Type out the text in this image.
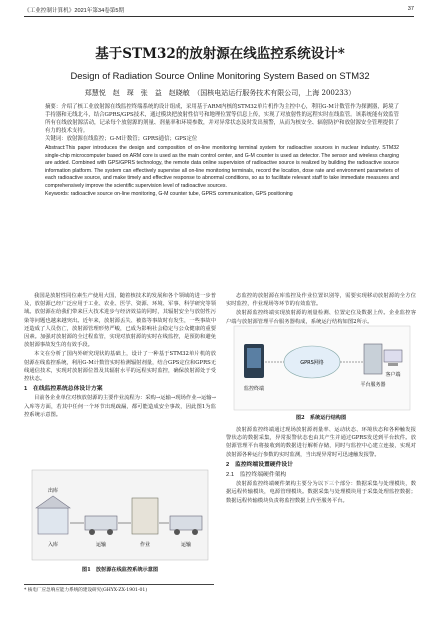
《工业控制计算机》2021年第34卷第5期	37
基于STM32的放射源在线监控系统设计*
Design of Radiation Source Online Monitoring System Based on STM32
郑慧悦　赵　琛　张　益　赵晓敏　（国核电站运行服务技术有限公司，上海 200233）
摘要：介绍了核工业放射源在线监控终端系统的设计组成，采用基于ARM内核的STM32单片机作为主控中心，利用G-M计数管作为探测器，跨境了手持器和无线北斗，结合GPRS/GPS技术，通过模块把放射性信号和地理位置等信息上传，实现了对放射性的远程实时在线监管。该系统能有效监管所有在线放射源活动，记录每个放射源的剂量、剂量率和环境参数，并对异常状态及时发出预警，从而为核安全、辐射防护和放射源安全管理提供了有力的技术支持。
关键词：放射源在线监控；G-M计数管；GPRS通信；GPS定位
Abstract:This paper introduces the design and composition of on-line monitoring terminal system for radioactive sources in nuclear industry. STM32 single-chip microcomputer based on ARM core is used as the main control center, and G-M counter is used as detector. The sensor and wireless charging are added. Combined with GPS/GPRS technology, the remote data online supervision of radioactive source is realized by building the radioactive source information platform. The system can effectively supervise all on-line monitoring terminals, record the location, dose rate and environment parameters of each radioactive source, and make timely and effective response to abnormal conditions, so as to facilitate relevant staff to take immediate measures and comprehensively improve the scientific supervision level of radioactive sources.
Keywords: radioactive source on-line monitoring, G-M counter tube, GPRS communication, GPS positioning

我国是放射性同位素生产使用大国，随着核技术的发展和各个领域的进一步普及，放射源已经广泛应用于工业、农业、医学、资源、环境、军事、科学研究等领域。放射源在给我们带来巨大技术进步与经济效益的同时，其辐射安全与放射性污染等问题也越来越突出。近年来，放射源丢失、被盗等事故时有发生，一些事故中还造成了人员伤亡，放射源管理形势严峻，已成为影响社会稳定与公众健康的重要因素。加强对放射源的全过程监管，实现对放射源的实时在线监控，是预防和避免放射源事故发生的有效手段。

本文在分析了国内外研究现状的基础上，设计了一种基于STM32单片机的放射源在线监控系统，利用G-M计数管实时检测辐射剂量，结合GPS定位和GPRS无线通信技术，实现对放射源位置及其辐射水平的远程实时监控，确保放射源处于受控状态。

1　在线监控系统总体设计方案

目前各企业单位对核放射源的主要作业流程为：采购→运输→现场作业→运输→入库等方面，若其中任何一个环节出现疏漏，都可能造成安全事故，因此图1为监控系统示意图。

入库	运输	作业	运输
出库
图1　放射源在线监控系统示意图

态监控的放射源在库监控及作业位置识别等，需要实现移动放射源的全方位实时监控，作业现场等环节的有效监管。

放射源监控终端实现放射源的剂量检测、位置定位及数据上传。企业监控客户端与放射源管理平台服务器构成，系统运行结构如图2所示。

监控终端
GPRS网络
平台服务器
客户端
图2　系统运行结构图

放射源监控终端通过现场放射源剂量率、运动状态、环境状态和各种触发报警状态的数据采集，异常报警状态也由其产生并通过GPRS发送到平台软件。放射源管理平台将接收到的数据进行解析存储，同时与监控中心建立连接，实现对放射源各种运行参数的实时监测，当出现异常时可迅速触发报警。

2　监控终端设置硬件设计
2.1　监控终端硬件架构

放射源监控终端硬件架构主要分为以下三个部分：数据采集与处理模块，数据远程传输模块，电源管理模块。数据采集与处理模块用于采集处理监控数据；数据远程传输模块负责将监控数据上传至服务平台。

* 核电厂应急响应能力系统的建设研究(GHYX-ZX-1901-01)
